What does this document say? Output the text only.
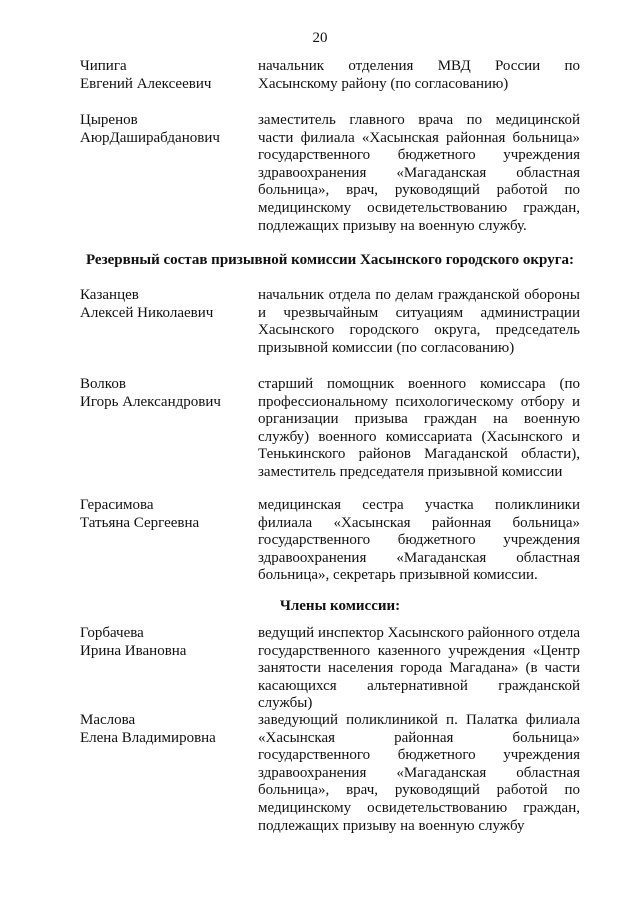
20
Чипига
Евгений Алексеевич
начальник отделения МВД России по Хасынскому району (по согласованию)
Цыренов
АюрДаширабданович
заместитель главного врача по медицинской части филиала «Хасынская районная больница» государственного бюджетного учреждения здравоохранения «Магаданская областная больница», врач, руководящий работой по медицинскому освидетельствованию граждан, подлежащих призыву на военную службу.
Резервный состав призывной комиссии Хасынского городского округа:
Казанцев
Алексей Николаевич
начальник отдела по делам гражданской обороны и чрезвычайным ситуациям администрации Хасынского городского округа, председатель призывной комиссии (по согласованию)
Волков
Игорь Александрович
старший помощник военного комиссара (по профессиональному психологическому отбору и организации призыва граждан на военную службу) военного комиссариата (Хасынского и Тенькинского районов Магаданской области), заместитель председателя призывной комиссии
Герасимова
Татьяна Сергеевна
медицинская сестра участка поликлиники филиала «Хасынская районная больница» государственного бюджетного учреждения здравоохранения «Магаданская областная больница», секретарь призывной комиссии.
Члены комиссии:
Горбачева
Ирина Ивановна
ведущий инспектор Хасынского районного отдела государственного казенного учреждения «Центр занятости населения города Магадана» (в части касающихся альтернативной гражданской службы)
Маслова
Елена Владимировна
заведующий поликлиникой п. Палатка филиала «Хасынская районная больница» государственного бюджетного учреждения здравоохранения «Магаданская областная больница», врач, руководящий работой по медицинскому освидетельствованию граждан, подлежащих призыву на военную службу
